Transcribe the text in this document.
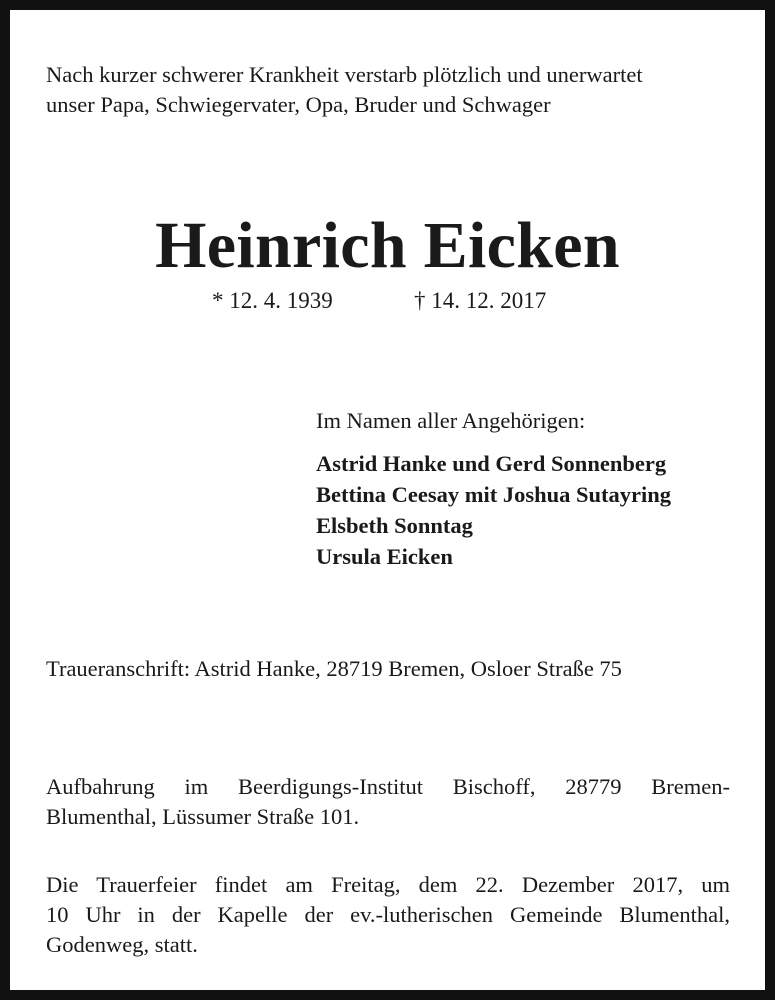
Nach kurzer schwerer Krankheit verstarb plötzlich und unerwartet
unser Papa, Schwiegervater, Opa, Bruder und Schwager

Heinrich Eicken
* 12. 4. 1939	† 14. 12. 2017
Im Namen aller Angehörigen:
Astrid Hanke und Gerd Sonnenberg
Bettina Ceesay mit Joshua Sutayring
Elsbeth Sonntag
Ursula Eicken
Traueranschrift: Astrid Hanke, 28719 Bremen, Osloer Straße 75
Aufbahrung im Beerdigungs-Institut Bischoff, 28779 Bremen-
Blumenthal, Lüssumer Straße 101.
Die Trauerfeier findet am Freitag, dem 22. Dezember 2017, um
10 Uhr in der Kapelle der ev.-lutherischen Gemeinde Blumenthal,
Godenweg, statt.
